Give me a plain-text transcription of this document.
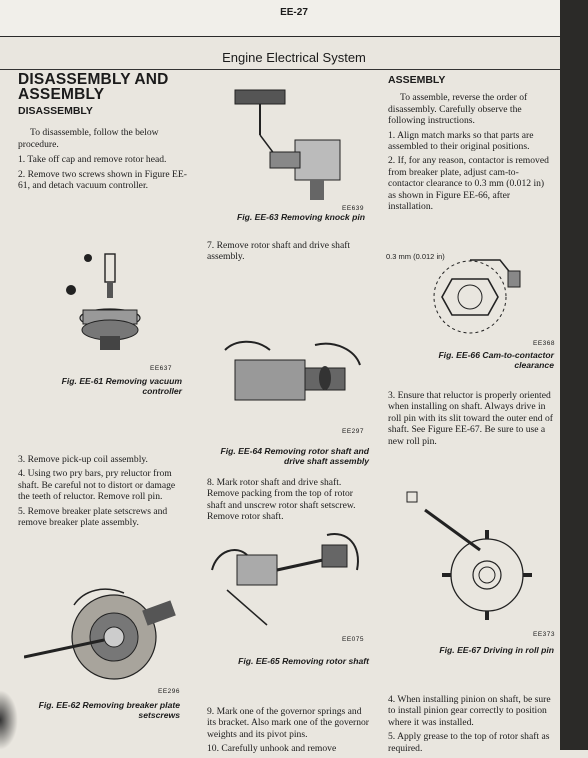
EE-27
Engine Electrical System
DISASSEMBLY AND ASSEMBLY
DISASSEMBLY

To disassemble, follow the below procedure.

1. Take off cap and remove rotor head.

2. Remove two screws shown in Figure EE-61, and detach vacuum controller.

EE637
Fig. EE-61 Removing vacuum controller

3. Remove pick-up coil assembly.

4. Using two pry bars, pry reluctor from shaft. Be careful not to distort or damage the teeth of reluctor. Remove roll pin.

5. Remove breaker plate setscrews and remove breaker plate assembly.

EE296
Fig. EE-62 Removing breaker plate setscrews
EE639
Fig. EE-63 Removing knock pin

7. Remove rotor shaft and drive shaft assembly.

EE297
Fig. EE-64 Removing rotor shaft and drive shaft assembly

8. Mark rotor shaft and drive shaft. Remove packing from the top of rotor shaft and unscrew rotor shaft setscrew. Remove rotor shaft.

EE075
Fig. EE-65 Removing rotor shaft

9. Mark one of the governor springs and its bracket. Also mark one of the governor weights and its pivot pins.

10. Carefully unhook and remove

ASSEMBLY

To assemble, reverse the order of disassembly. Carefully observe the following instructions.

1. Align match marks so that parts are assembled to their original positions.

2. If, for any reason, contactor is removed from breaker plate, adjust cam-to-contactor clearance to 0.3 mm (0.012 in) as shown in Figure EE-66, after installation.

0.3 mm (0.012 in)
EE368
Fig. EE-66 Cam-to-contactor clearance

3. Ensure that reluctor is properly oriented when installing on shaft. Always drive in roll pin with its slit toward the outer end of shaft. See Figure EE-67. Be sure to use a new roll pin.

EE373
Fig. EE-67 Driving in roll pin

4. When installing pinion on shaft, be sure to install pinion gear correctly to position where it was installed.

5. Apply grease to the top of rotor shaft as required.
